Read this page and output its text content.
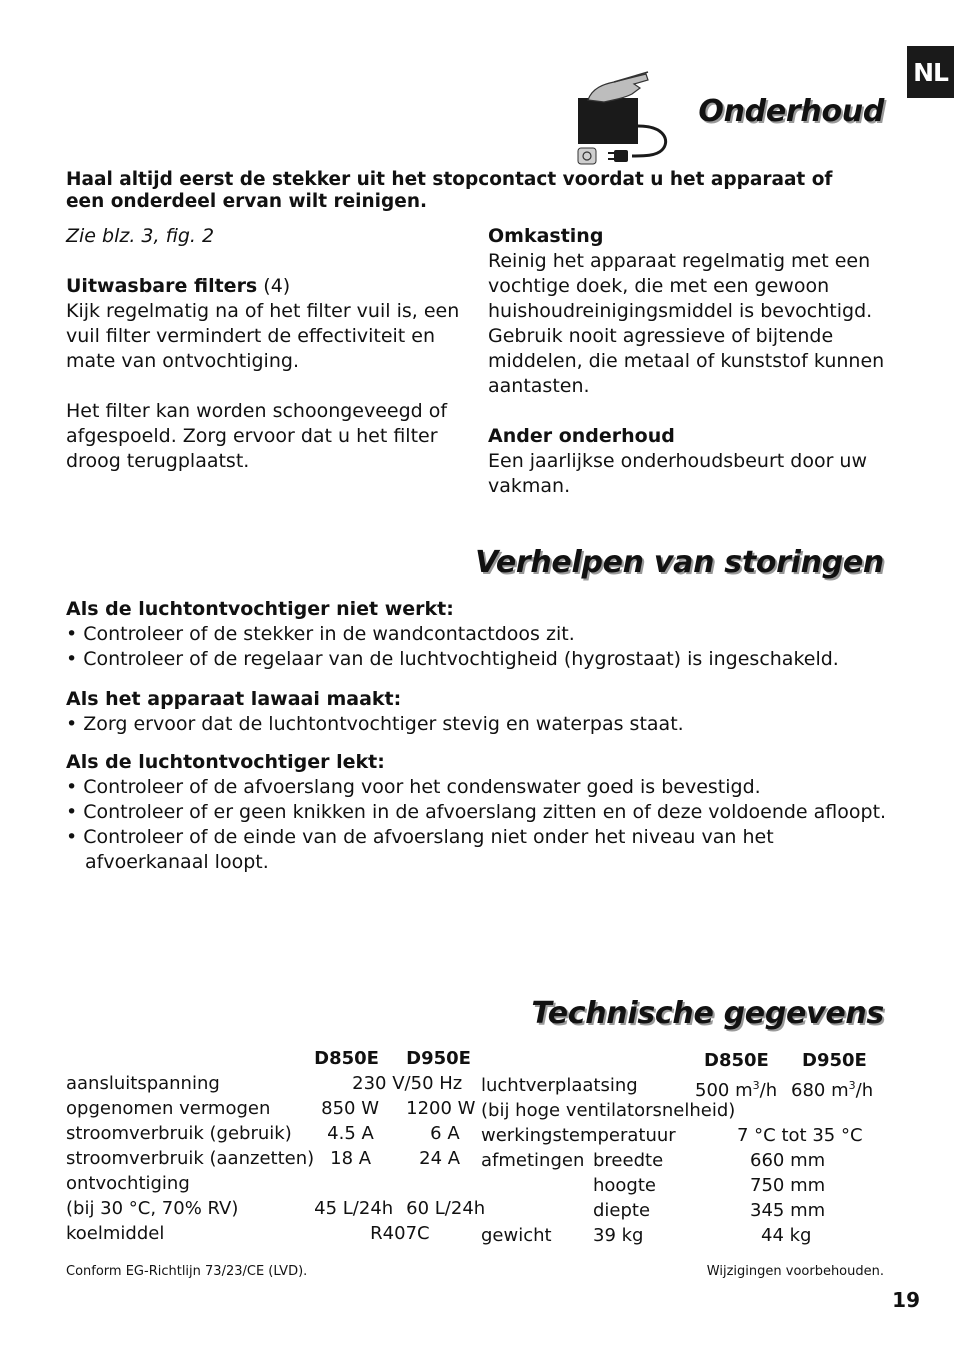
NL
Onderhoud
Haal altijd eerst de stekker uit het stopcontact voordat u het apparaat of
een onderdeel ervan wilt reinigen.
Zie blz. 3, fig. 2
Uitwasbare filters (4)
Kijk regelmatig na of het filter vuil is, een
vuil filter vermindert de effectiviteit en
mate van ontvochtiging.
Het filter kan worden schoongeveegd of
afgespoeld. Zorg ervoor dat u het filter
droog terugplaatst.
Omkasting
Reinig het apparaat regelmatig met een
vochtige doek, die met een gewoon
huishoudreinigingsmiddel is bevochtigd.
Gebruik nooit agressieve of bijtende
middelen, die metaal of kunststof kunnen
aantasten.
Ander onderhoud
Een jaarlijkse onderhoudsbeurt door uw
vakman.
Verhelpen van storingen
Als de luchtontvochtiger niet werkt:
• Controleer of de stekker in de wandcontactdoos zit.
• Controleer of de regelaar van de luchtvochtigheid (hygrostaat) is ingeschakeld.
Als het apparaat lawaai maakt:
• Zorg ervoor dat de luchtontvochtiger stevig en waterpas staat.
Als de luchtontvochtiger lekt:
• Controleer of de afvoerslang voor het condenswater goed is bevestigd.
• Controleer of er geen knikken in de afvoerslang zitten en of deze voldoende afloopt.
• Controleer of de einde van de afvoerslang niet onder het niveau van het
afvoerkanaal loopt.
Technische gegevens
	D850E	D950E
aansluitspanning	230 V/50 Hz	
opgenomen vermogen	850 W	1200 W
stroomverbruik (gebruik)	4.5 A	6 A
stroomverbruik (aanzetten)	18 A	24 A
ontvochtiging		
(bij 30 °C, 70% RV)	45 L/24h	60 L/24h
koelmiddel	R407C	
D850E D950E
luchtverplaatsing	500 $m^3/h$ 680 $m^3/h$
(bij hoge ventilatorsnelheid)
werkingstemperatuur	7 °C tot 35 °C
afmetingen breedte	660 mm
hoogte	750 mm
diepte	345 mm
gewicht 39 kg	44 kg
Conform EG-Richtlijn 73/23/CE (LVD).	Wijzigingen voorbehouden.
19
